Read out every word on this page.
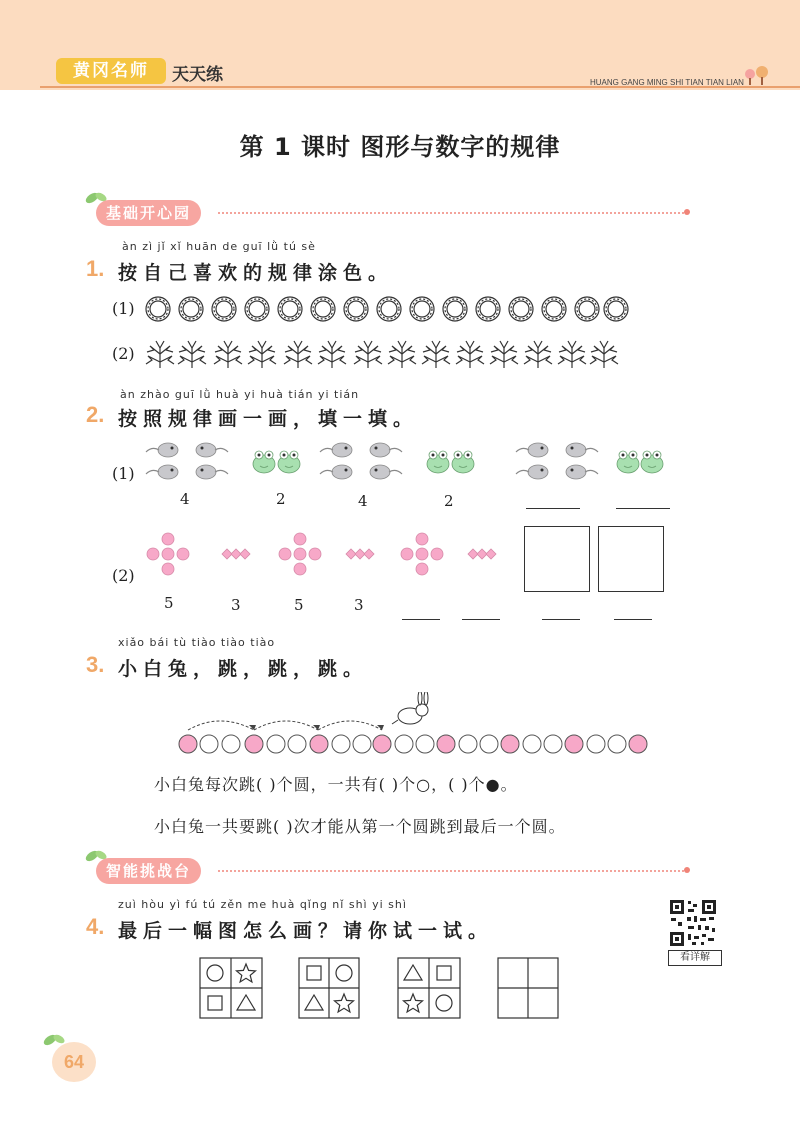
黄冈名师	天天练	HUANG GANG MING SHI TIAN TIAN LIAN
第 1 课时 图形与数字的规律
基础开心园
àn zì jǐ xǐ huān de guī lǜ tú sè
1. 按自己喜欢的规律涂色。
(1)
(2)
àn zhào guī lǜ huà yi huà tián yi tián
2. 按照规律画一画，填一填。
(1)
4	2	4	2
(2)
5	3	5	3
xiǎo bái tù tiào tiào tiào
3. 小白兔，跳，跳，跳。
小白兔每次跳( )个圆，一共有( )个○，( )个●。
小白兔一共要跳( )次才能从第一个圆跳到最后一个圆。
智能挑战台
zuì hòu yì fú tú zěn me huà qǐng nǐ shì yi shì
4. 最后一幅图怎么画？请你试一试。
看详解
64
